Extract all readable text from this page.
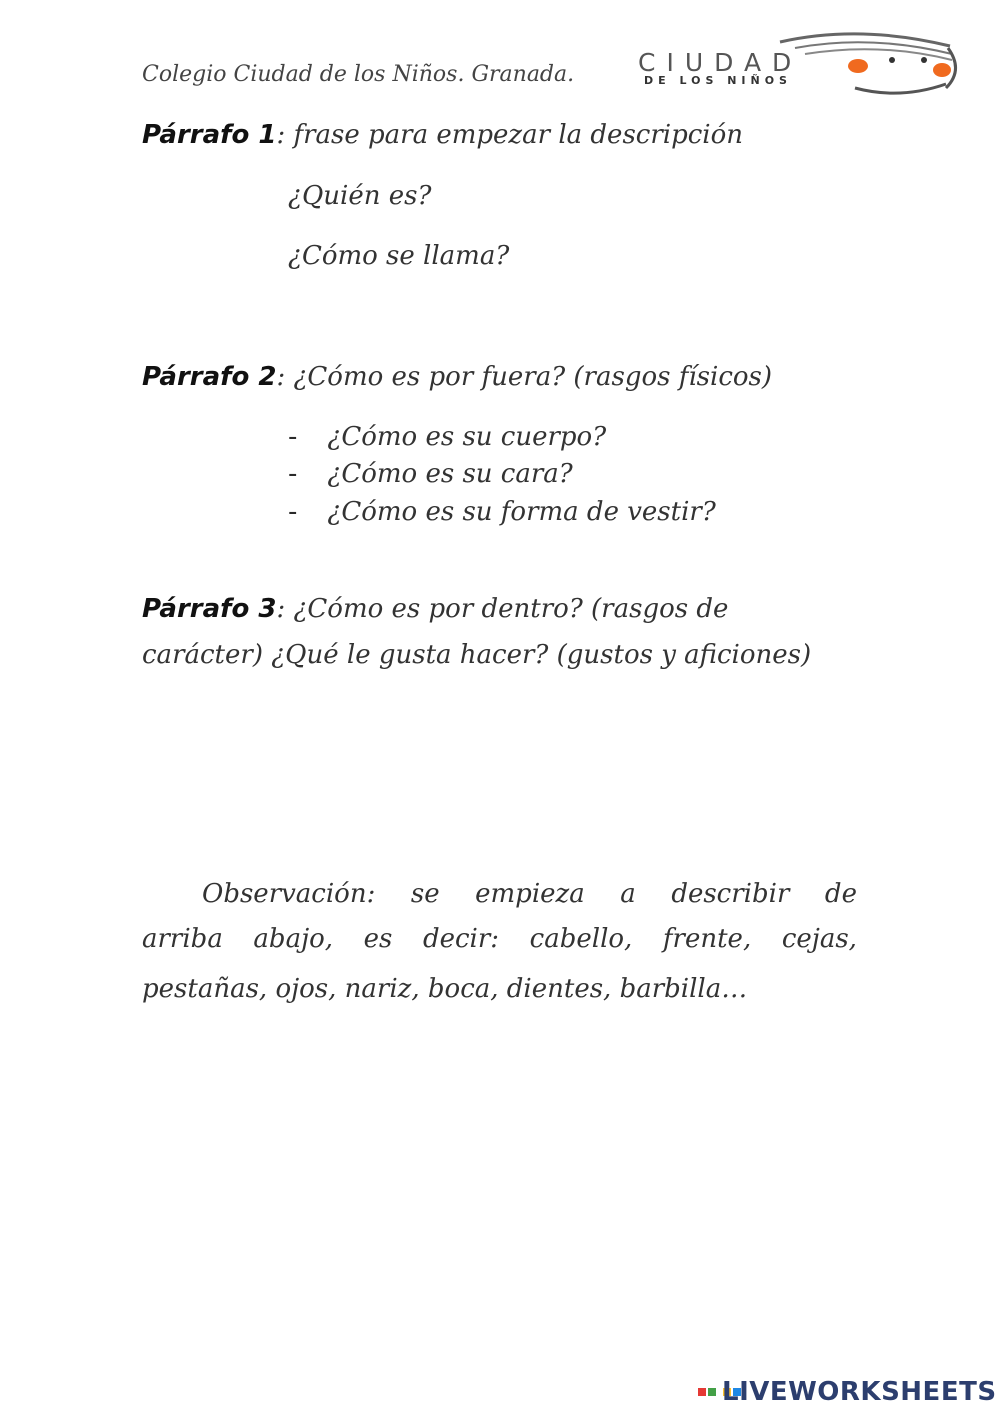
Colegio Ciudad de los Niños. Granada.	CIUDAD
DE LOS NIÑOS
Párrafo 1: frase para empezar la descripción
¿Quién es?
¿Cómo se llama?
Párrafo 2: ¿Cómo es por fuera? (rasgos físicos)
- ¿Cómo es su cuerpo?
- ¿Cómo es su cara?
- ¿Cómo es su forma de vestir?
Párrafo 3: ¿Cómo es por dentro? (rasgos de
carácter) ¿Qué le gusta hacer? (gustos y aficiones)
Observación: se empieza a describir de
arriba abajo, es decir: cabello, frente, cejas,
pestañas, ojos, nariz, boca, dientes, barbilla…

LIVEWORKSHEETS
